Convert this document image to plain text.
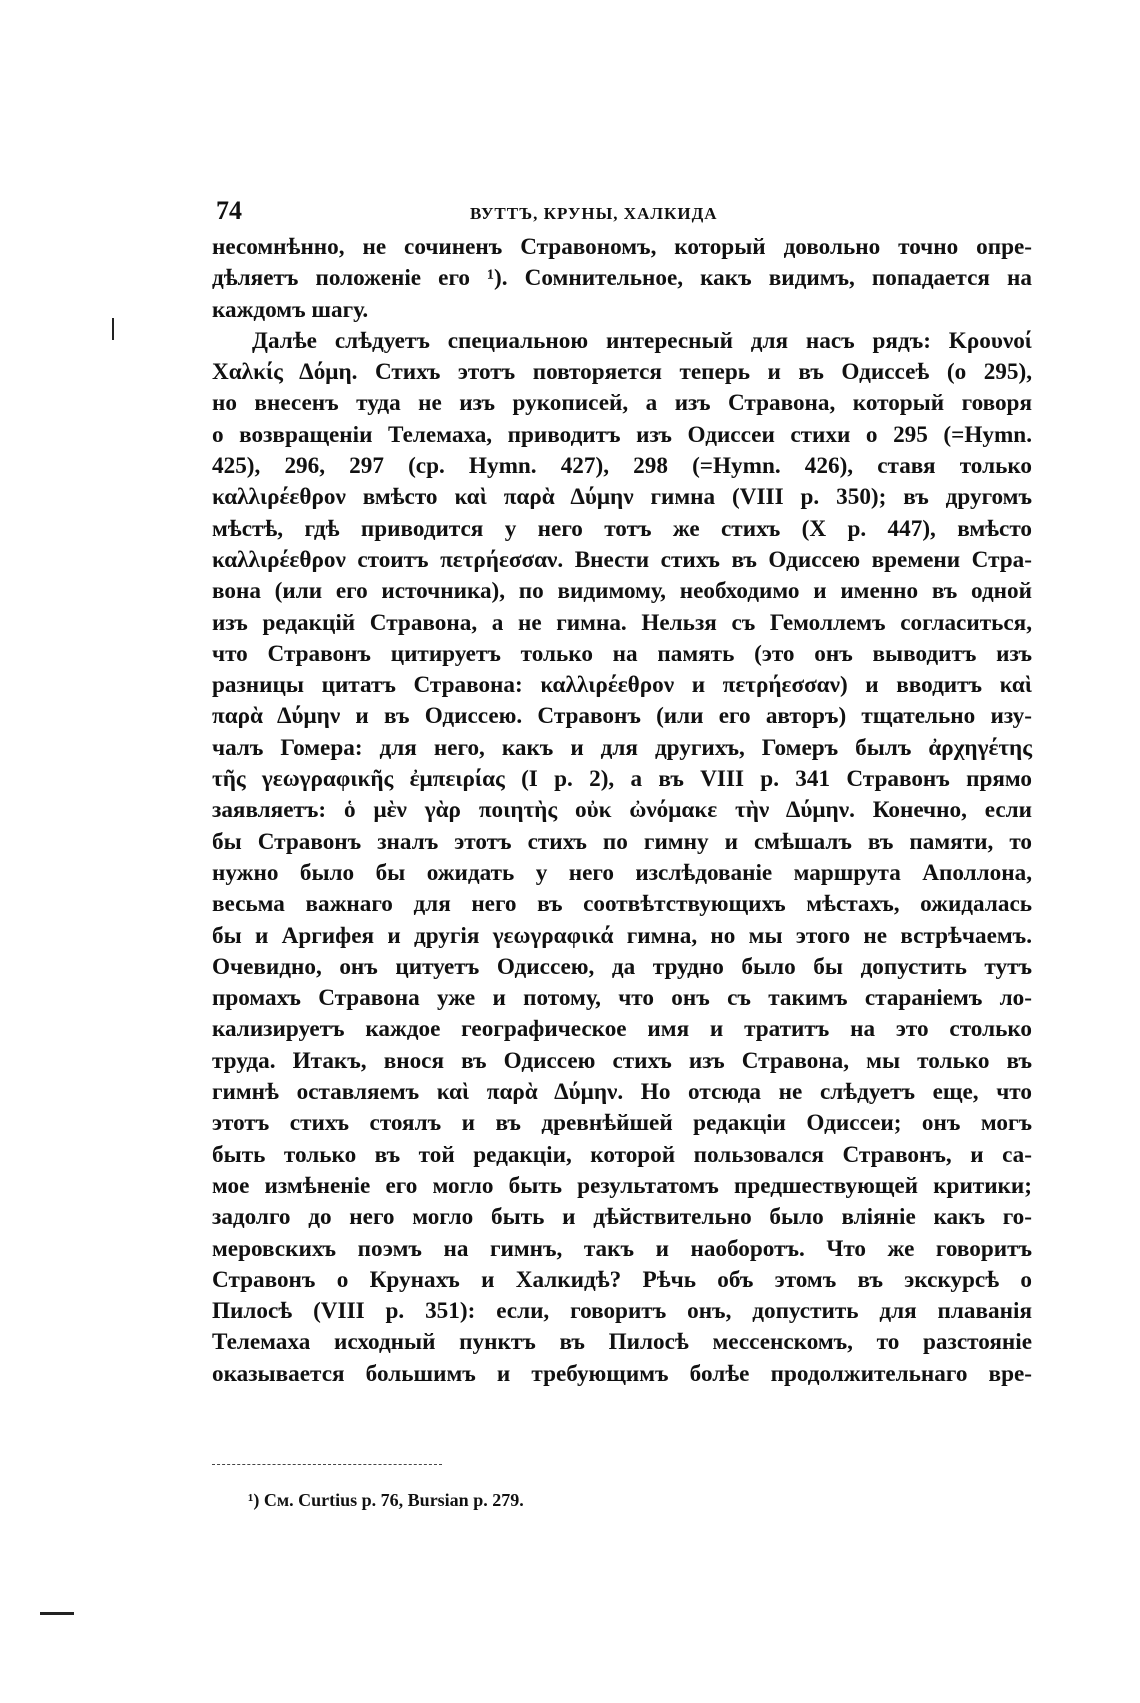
74	ВУТТЪ, КРУНЫ, ХАЛКИДА
несомнѣнно, не сочиненъ Стравономъ, который довольно точно опре-
дѣляетъ положеніе его ¹). Сомнительное, какъ видимъ, попадается на
каждомъ шагу.
Далѣе слѣдуетъ специальною интересный для насъ рядъ: Κρουνοί
Χαλκίς Δόμη. Стихъ этотъ повторяется теперь и въ Одиссеѣ (o 295),
но внесенъ туда не изъ рукописей, а изъ Стравона, который говоря
о возвращеніи Телемаха, приводитъ изъ Одиссеи стихи o 295 (=Hymn.
425), 296, 297 (cp. Hymn. 427), 298 (=Hymn. 426), ставя только
καλλιρέεθρον вмѣсто καὶ παρὰ Δύμην гимна (VIII p. 350); въ другомъ
мѣстѣ, гдѣ приводится у него тотъ же стихъ (X p. 447), вмѣсто
καλλιρέεθρον стоитъ πετρήεσσαν. Внести стихъ въ Одиссею времени Стра-
вона (или его источника), по видимому, необходимо и именно въ одной
изъ редакцій Стравона, а не гимна. Нельзя съ Гемоллемъ согласиться,
что Стравонъ цитируетъ только на память (это онъ выводитъ изъ
разницы цитатъ Стравона: καλλιρέεθρον и πετρήεσσαν) и вводитъ καὶ
παρὰ Δύμην и въ Одиссею. Стравонъ (или его авторъ) тщательно изу-
чалъ Гомера: для него, какъ и для другихъ, Гомеръ былъ ἀρχηγέτης
τῆς γεωγραφικῆς ἐμπειρίας (I p. 2), а въ VIII p. 341 Стравонъ прямо
заявляетъ: ὁ μὲν γὰρ ποιητὴς οὐκ ὠνόμακε τὴν Δύμην. Конечно, если
бы Стравонъ зналъ этотъ стихъ по гимну и смѣшалъ въ памяти, то
нужно было бы ожидать у него изслѣдованіе маршрута Аполлона,
весьма важнаго для него въ соотвѣтствующихъ мѣстахъ, ожидалась
бы и Аргифея и другія γεωγραφικά гимна, но мы этого не встрѣчаемъ.
Очевидно, онъ цитуетъ Одиссею, да трудно было бы допустить тутъ
промахъ Стравона уже и потому, что онъ съ такимъ стараніемъ ло-
кализируетъ каждое географическое имя и тратитъ на это столько
труда. Итакъ, внося въ Одиссею стихъ изъ Стравона, мы только въ
гимнѣ оставляемъ καὶ παρὰ Δύμην. Но отсюда не слѣдуетъ еще, что
этотъ стихъ стоялъ и въ древнѣйшей редакціи Одиссеи; онъ могъ
быть только въ той редакціи, которой пользовался Стравонъ, и са-
мое измѣненіе его могло быть результатомъ предшествующей критики;
задолго до него могло быть и дѣйствительно было вліяніе какъ го-
меровскихъ поэмъ на гимнъ, такъ и наоборотъ. Что же говоритъ
Стравонъ о Крунахъ и Халкидѣ? Рѣчь объ этомъ въ экскурсѣ о
Пилосѣ (VIII p. 351): если, говоритъ онъ, допустить для плаванія
Телемаха исходный пунктъ въ Пилосѣ мессенскомъ, то разстояніе
оказывается большимъ и требующимъ болѣе продолжительнаго вре-
¹) См. Curtius p. 76, Bursian p. 279.
